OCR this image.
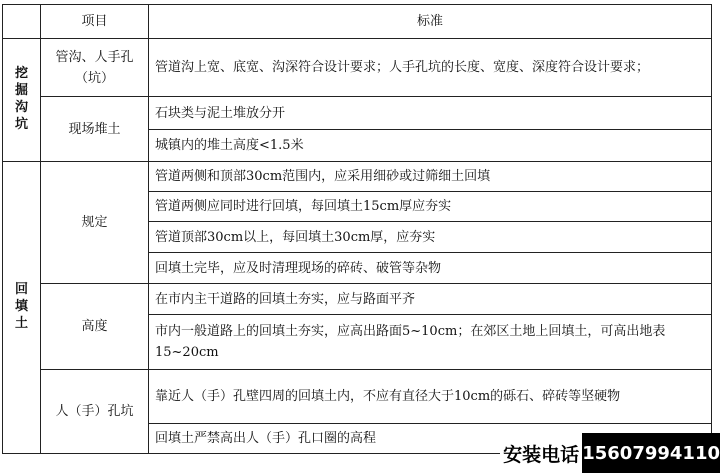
	项目	标准
挖掘沟坑	管沟、人手孔（坑）	管道沟上宽、底宽、沟深符合设计要求；人手孔坑的长度、宽度、深度符合设计要求；
	现场堆土	石块类与泥土堆放分开
		城镇内的堆土高度<1.5米
回填土	规定	管道两侧和顶部30cm范围内，应采用细砂或过筛细土回填
		管道两侧应同时进行回填，每回填土15cm厚应夯实
		管道顶部30cm以上，每回填土30cm厚，应夯实
		回填土完毕，应及时清理现场的碎砖、破管等杂物
	高度	在市内主干道路的回填土夯实，应与路面平齐
		市内一般道路上的回填土夯实，应高出路面5~10cm；在郊区土地上回填土，可高出地表15~20cm
	人（手）孔坑	靠近人（手）孔壁四周的回填土内，不应有直径大于10cm的砾石、碎砖等坚硬物
		回填土严禁高出人（手）孔口圈的高程
安装电话 15607994110
